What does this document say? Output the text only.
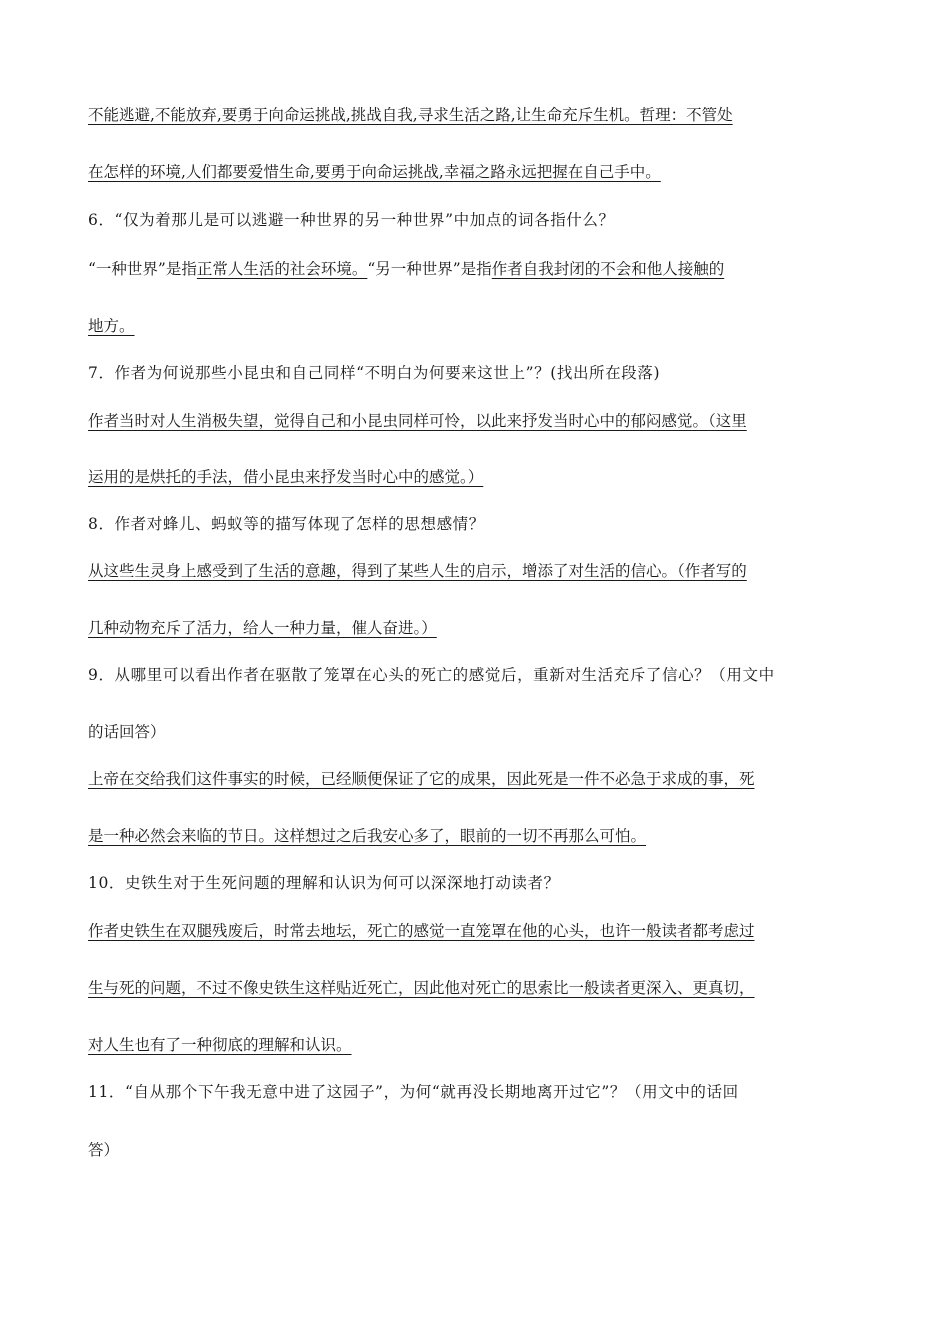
不能逃避,不能放弃,要勇于向命运挑战,挑战自我,寻求生活之路,让生命充斥生机。哲理：不管处
在怎样的环境,人们都要爱惜生命,要勇于向命运挑战,幸福之路永远把握在自己手中。
6．“仅为着那儿是可以逃避一种世界的另一种世界”中加点的词各指什么？
“一种世界”是指正常人生活的社会环境。“另一种世界”是指作者自我封闭的不会和他人接触的
地方。
7．作者为何说那些小昆虫和自己同样“不明白为何要来这世上”？(找出所在段落)
作者当时对人生消极失望，觉得自己和小昆虫同样可怜，以此来抒发当时心中的郁闷感觉。（这里
运用的是烘托的手法，借小昆虫来抒发当时心中的感觉。）
8．作者对蜂儿、蚂蚁等的描写体现了怎样的思想感情？
从这些生灵身上感受到了生活的意趣，得到了某些人生的启示，增添了对生活的信心。（作者写的
几种动物充斥了活力，给人一种力量，催人奋进。）
9．从哪里可以看出作者在驱散了笼罩在心头的死亡的感觉后，重新对生活充斥了信心？（用文中
的话回答）
上帝在交给我们这件事实的时候，已经顺便保证了它的成果，因此死是一件不必急于求成的事，死
是一种必然会来临的节日。这样想过之后我安心多了，眼前的一切不再那么可怕。
10．史铁生对于生死问题的理解和认识为何可以深深地打动读者？
作者史铁生在双腿残废后，时常去地坛，死亡的感觉一直笼罩在他的心头，也许一般读者都考虑过
生与死的问题，不过不像史铁生这样贴近死亡，因此他对死亡的思索比一般读者更深入、更真切，
对人生也有了一种彻底的理解和认识。
11．“自从那个下午我无意中进了这园子”，为何“就再没长期地离开过它”？（用文中的话回
答）
